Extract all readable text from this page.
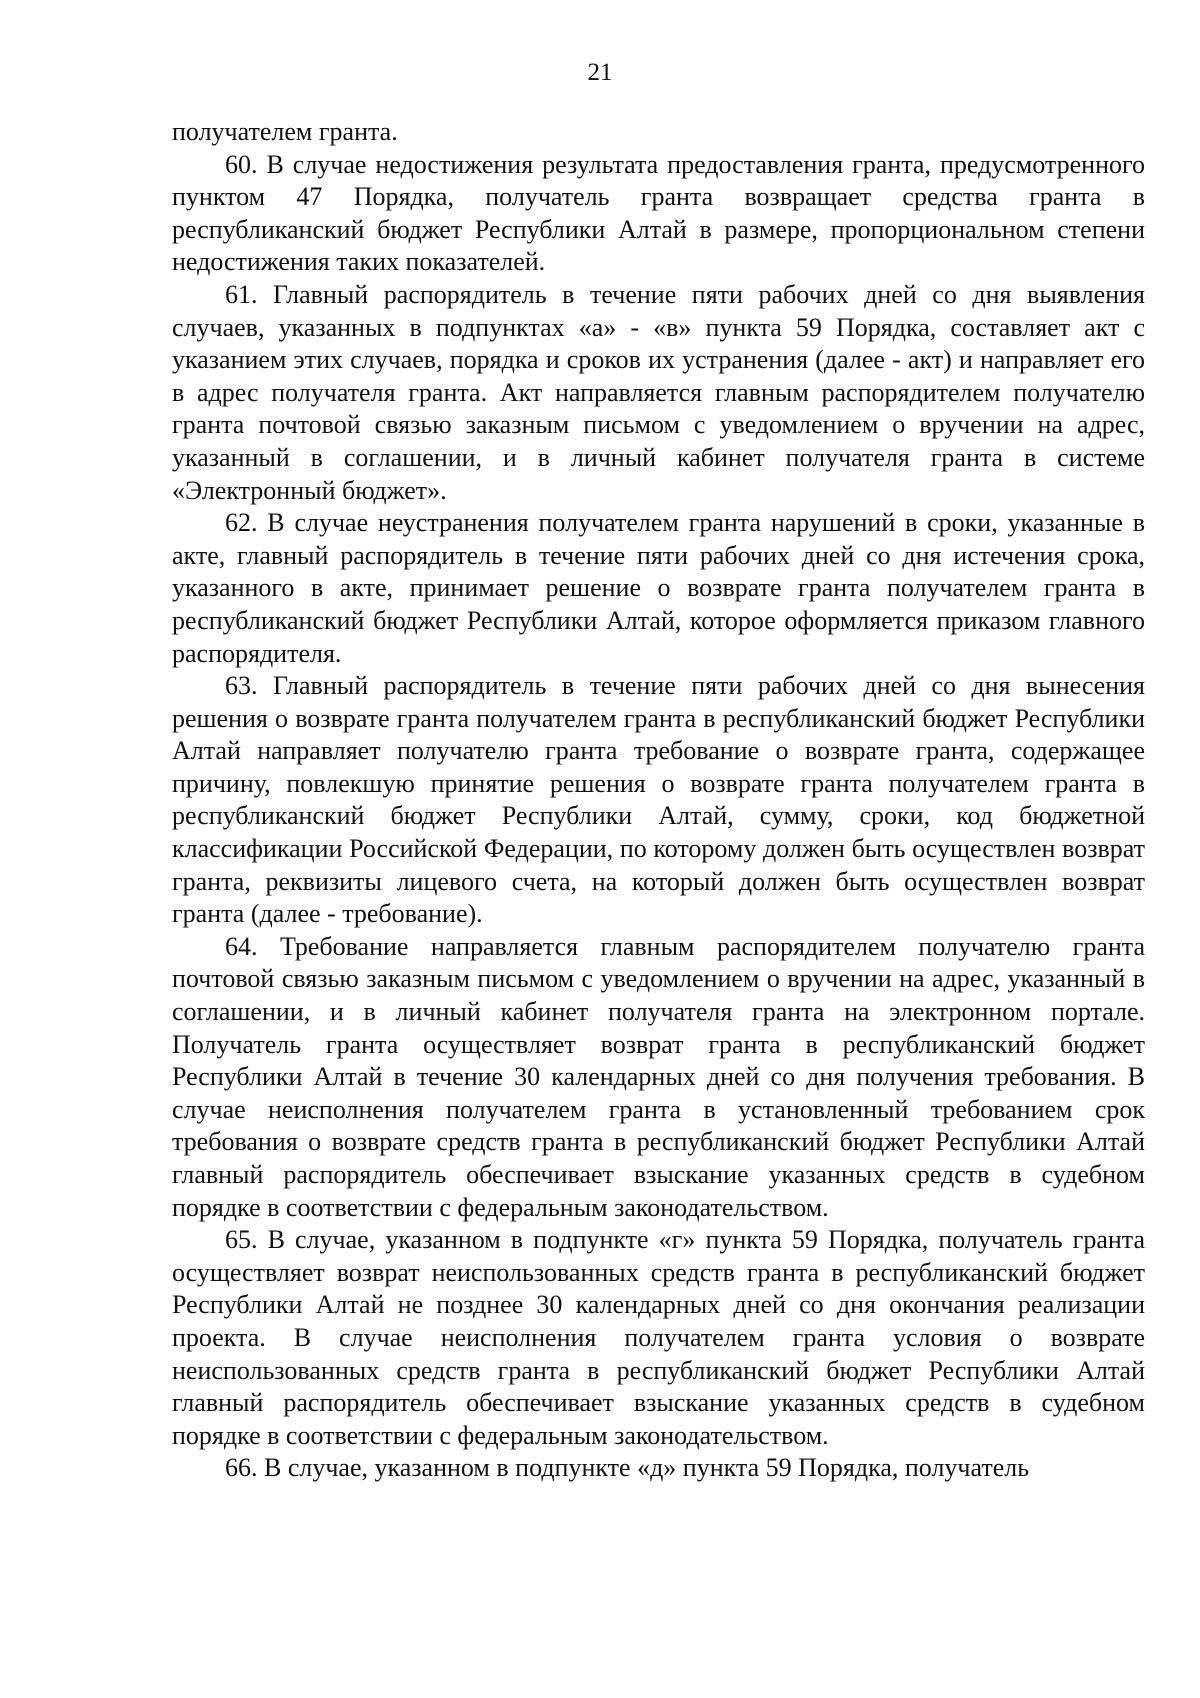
21

получателем гранта.

60. В случае недостижения результата предоставления гранта, предусмотренного пунктом 47 Порядка, получатель гранта возвращает средства гранта в республиканский бюджет Республики Алтай в размере, пропорциональном степени недостижения таких показателей.

61. Главный распорядитель в течение пяти рабочих дней со дня выявления случаев, указанных в подпунктах «а» - «в» пункта 59 Порядка, составляет акт с указанием этих случаев, порядка и сроков их устранения (далее - акт) и направляет его в адрес получателя гранта. Акт направляется главным распорядителем получателю гранта почтовой связью заказным письмом с уведомлением о вручении на адрес, указанный в соглашении, и в личный кабинет получателя гранта в системе «Электронный бюджет».

62. В случае неустранения получателем гранта нарушений в сроки, указанные в акте, главный распорядитель в течение пяти рабочих дней со дня истечения срока, указанного в акте, принимает решение о возврате гранта получателем гранта в республиканский бюджет Республики Алтай, которое оформляется приказом главного распорядителя.

63. Главный распорядитель в течение пяти рабочих дней со дня вынесения решения о возврате гранта получателем гранта в республиканский бюджет Республики Алтай направляет получателю гранта требование о возврате гранта, содержащее причину, повлекшую принятие решения о возврате гранта получателем гранта в республиканский бюджет Республики Алтай, сумму, сроки, код бюджетной классификации Российской Федерации, по которому должен быть осуществлен возврат гранта, реквизиты лицевого счета, на который должен быть осуществлен возврат гранта (далее - требование).

64. Требование направляется главным распорядителем получателю гранта почтовой связью заказным письмом с уведомлением о вручении на адрес, указанный в соглашении, и в личный кабинет получателя гранта на электронном портале. Получатель гранта осуществляет возврат гранта в республиканский бюджет Республики Алтай в течение 30 календарных дней со дня получения требования. В случае неисполнения получателем гранта в установленный требованием срок требования о возврате средств гранта в республиканский бюджет Республики Алтай главный распорядитель обеспечивает взыскание указанных средств в судебном порядке в соответствии с федеральным законодательством.

65. В случае, указанном в подпункте «г» пункта 59 Порядка, получатель гранта осуществляет возврат неиспользованных средств гранта в республиканский бюджет Республики Алтай не позднее 30 календарных дней со дня окончания реализации проекта. В случае неисполнения получателем гранта условия о возврате неиспользованных средств гранта в республиканский бюджет Республики Алтай главный распорядитель обеспечивает взыскание указанных средств в судебном порядке в соответствии с федеральным законодательством.

66. В случае, указанном в подпункте «д» пункта 59 Порядка, получатель
